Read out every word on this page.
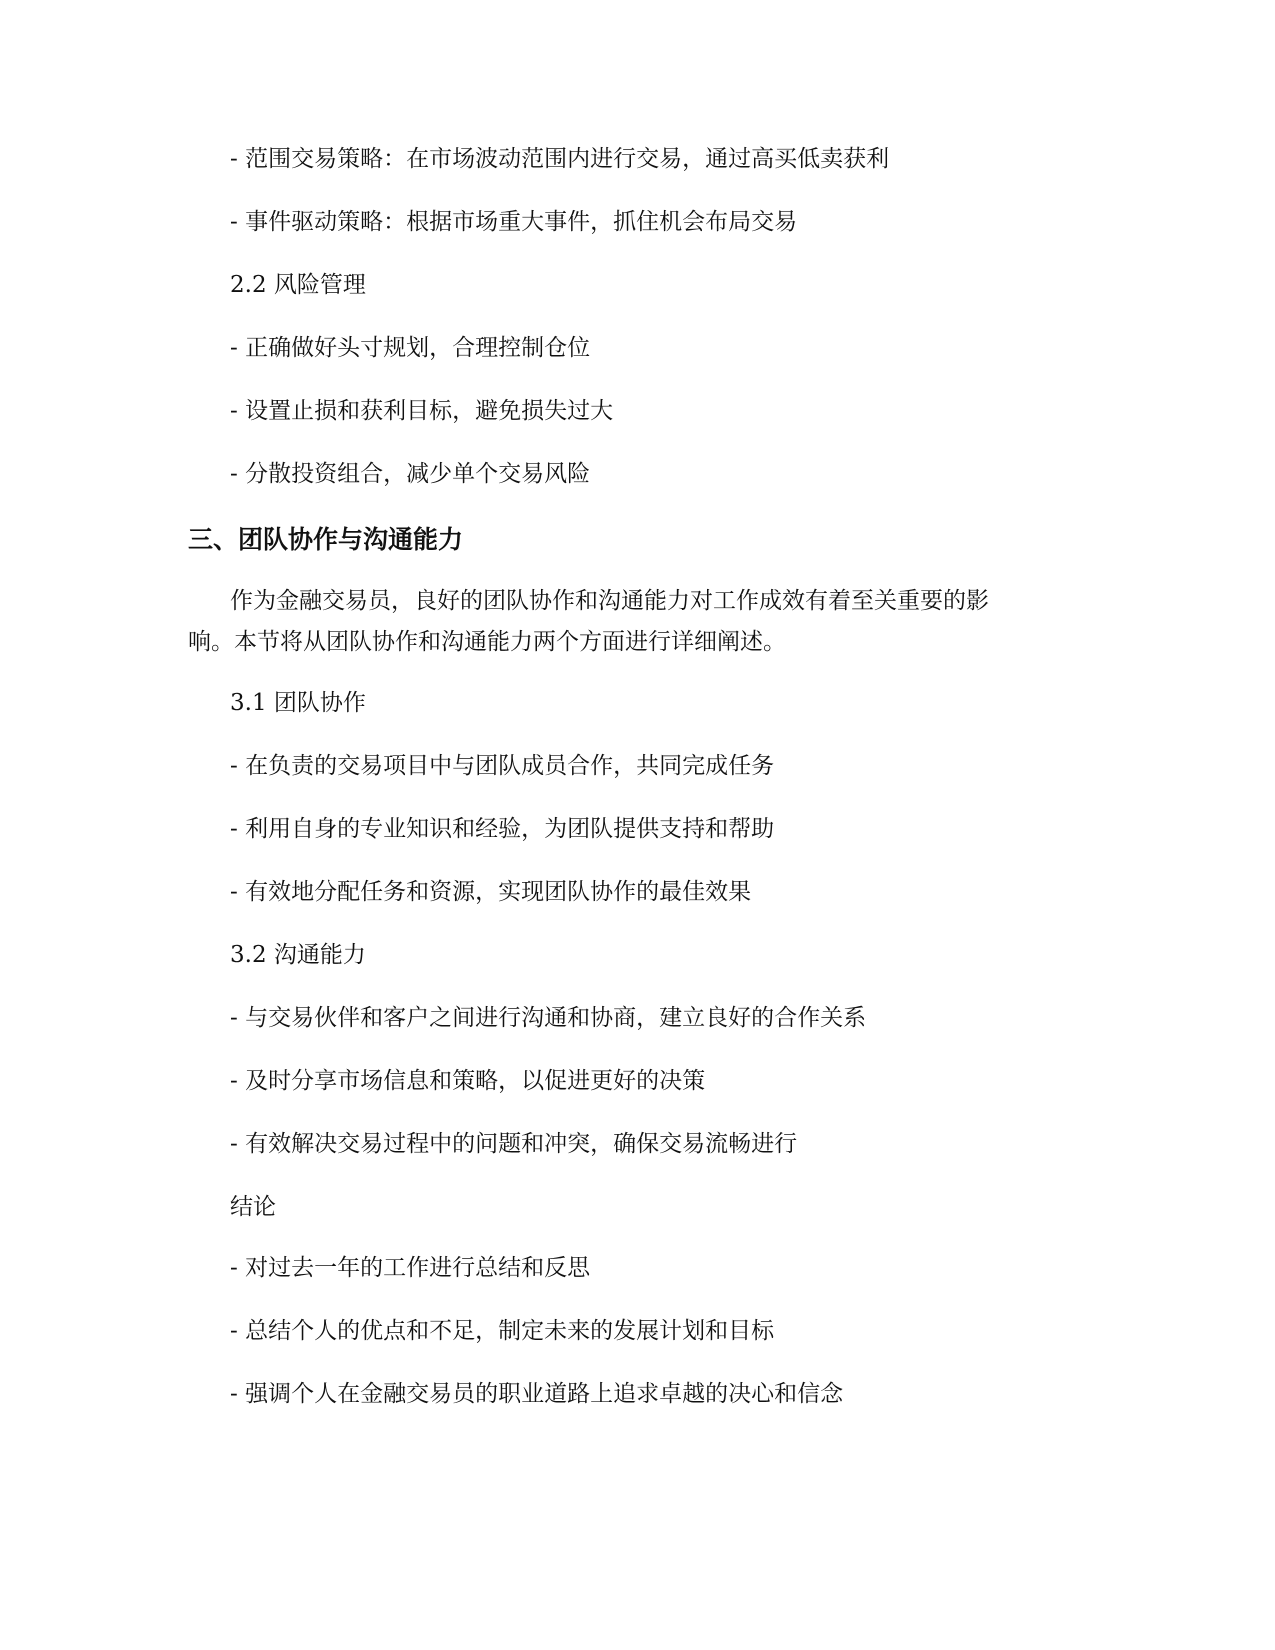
- 范围交易策略：在市场波动范围内进行交易，通过高买低卖获利
- 事件驱动策略：根据市场重大事件，抓住机会布局交易
2.2 风险管理
- 正确做好头寸规划，合理控制仓位
- 设置止损和获利目标，避免损失过大
- 分散投资组合，减少单个交易风险
三、团队协作与沟通能力
作为金融交易员，良好的团队协作和沟通能力对工作成效有着至关重要的影
响。本节将从团队协作和沟通能力两个方面进行详细阐述。
3.1 团队协作
- 在负责的交易项目中与团队成员合作，共同完成任务
- 利用自身的专业知识和经验，为团队提供支持和帮助
- 有效地分配任务和资源，实现团队协作的最佳效果
3.2 沟通能力
- 与交易伙伴和客户之间进行沟通和协商，建立良好的合作关系
- 及时分享市场信息和策略，以促进更好的决策
- 有效解决交易过程中的问题和冲突，确保交易流畅进行
结论
- 对过去一年的工作进行总结和反思
- 总结个人的优点和不足，制定未来的发展计划和目标
- 强调个人在金融交易员的职业道路上追求卓越的决心和信念
